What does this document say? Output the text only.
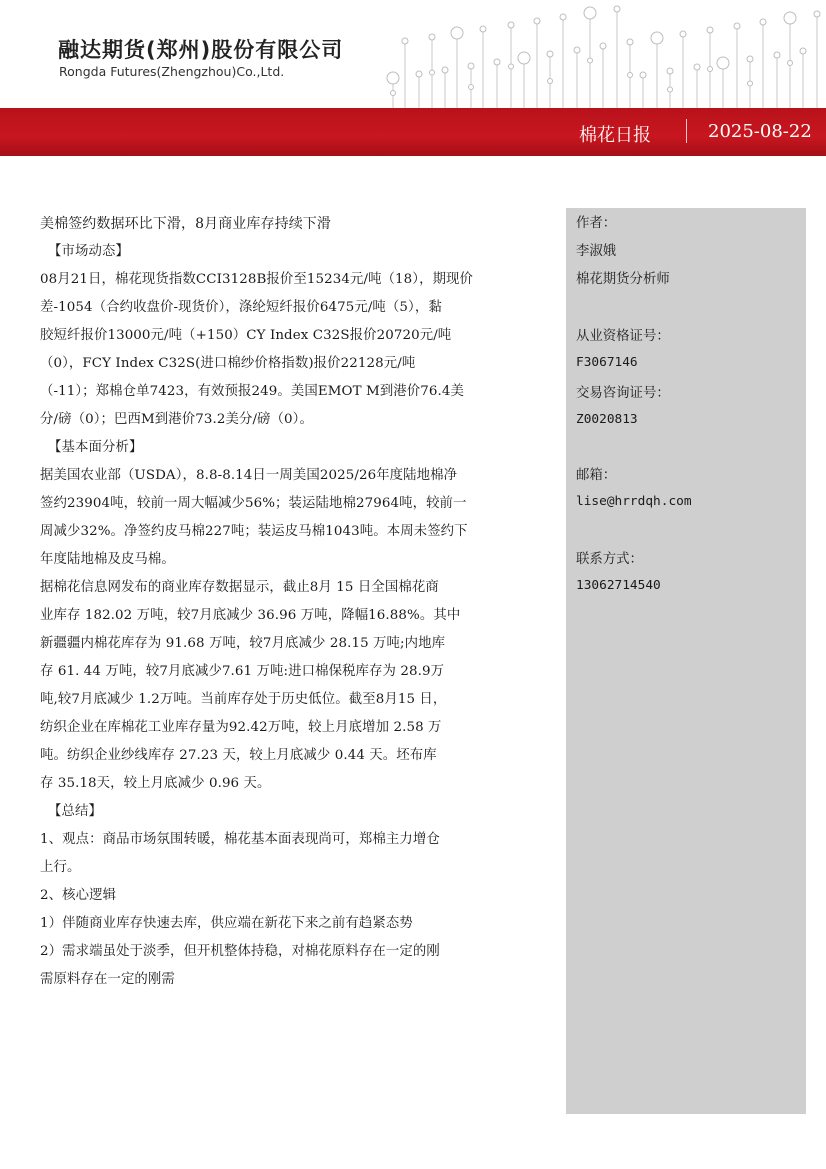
融达期货(郑州)股份有限公司
Rongda Futures(Zhengzhou)Co.,Ltd.
棉花日报	2025-08-22
美棉签约数据环比下滑，8月商业库存持续下滑
【市场动态】
08月21日，棉花现货指数CCI3128B报价至15234元/吨（18），期现价
差-1054（合约收盘价-现货价），涤纶短纤报价6475元/吨（5），黏
胶短纤报价13000元/吨（+150）CY Index C32S报价20720元/吨
（0），FCY Index C32S(进口棉纱价格指数)报价22128元/吨
（-11）；郑棉仓单7423，有效预报249。美国EMOT M到港价76.4美
分/磅（0）；巴西M到港价73.2美分/磅（0）。
【基本面分析】
据美国农业部（USDA），8.8-8.14日一周美国2025/26年度陆地棉净
签约23904吨，较前一周大幅减少56%；装运陆地棉27964吨，较前一
周减少32%。净签约皮马棉227吨；装运皮马棉1043吨。本周未签约下
年度陆地棉及皮马棉。
据棉花信息网发布的商业库存数据显示，截止8月 15 日全国棉花商
业库存 182.02 万吨，较7月底减少 36.96 万吨，降幅16.88%。其中
新疆疆内棉花库存为 91.68 万吨，较7月底减少 28.15 万吨;内地库
存 61. 44 万吨，较7月底减少7.61 万吨:进口棉保税库存为 28.9万
吨,较7月底减少 1.2万吨。当前库存处于历史低位。截至8月15 日，
纺织企业在库棉花工业库存量为92.42万吨，较上月底增加 2.58 万
吨。纺织企业纱线库存 27.23 天，较上月底减少 0.44 天。坯布库
存 35.18天，较上月底减少 0.96 天。
【总结】
1、观点：商品市场氛围转暖，棉花基本面表现尚可，郑棉主力增仓
上行。
2、核心逻辑
1）伴随商业库存快速去库，供应端在新花下来之前有趋紧态势
2）需求端虽处于淡季，但开机整体持稳，对棉花原料存在一定的刚
需原料存在一定的刚需
作者：
李淑娥
棉花期货分析师
从业资格证号：
F3067146
交易咨询证号：
Z0020813
邮箱：
lise@hrrdqh.com
联系方式：
13062714540
